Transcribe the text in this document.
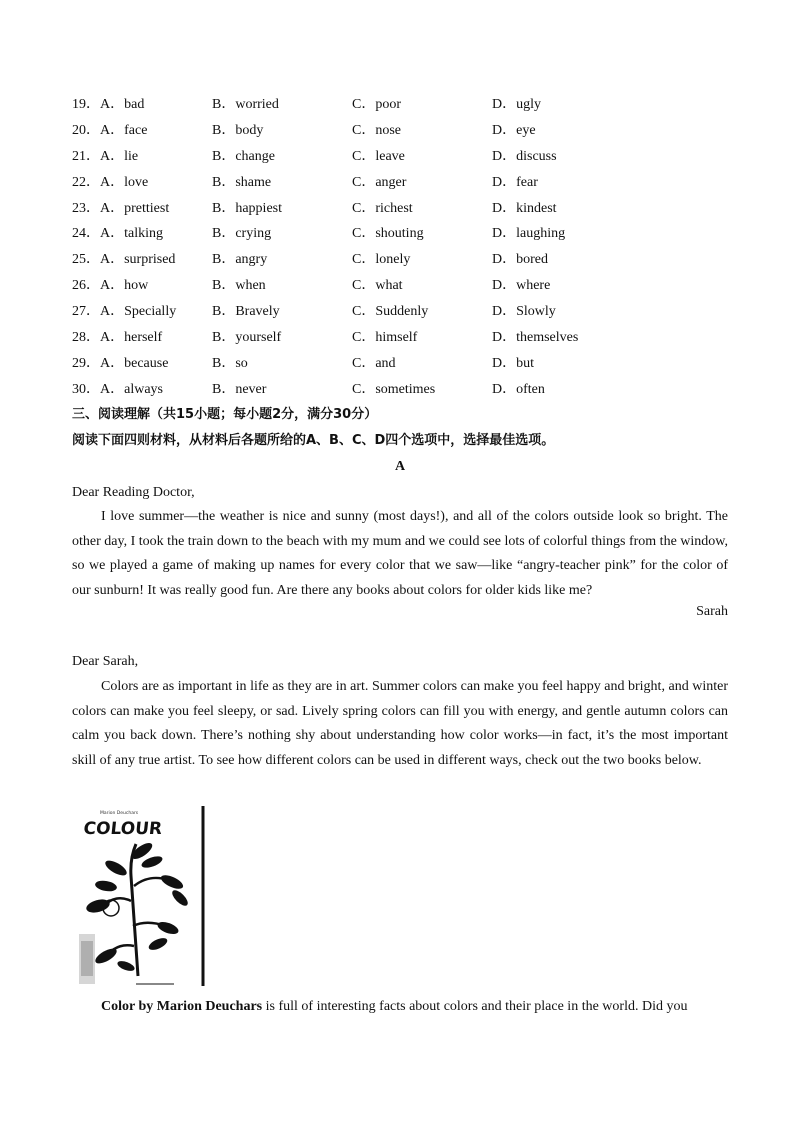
19．A．bad	B．worried	C．poor	D．ugly
20．A．face	B．body	C．nose	D．eye
21．A．lie	B．change	C．leave	D．discuss
22．A．love	B．shame	C．anger	D．fear
23．A．prettiest	B．happiest	C．richest	D．kindest
24．A．talking	B．crying	C．shouting	D．laughing
25．A．surprised	B．angry	C．lonely	D．bored
26．A．how	B．when	C．what	D．where
27．A．Specially	B．Bravely	C．Suddenly	D．Slowly
28．A．herself	B．yourself	C．himself	D．themselves
29．A．because	B．so	C．and	D．but
30．A．always	B．never	C．sometimes	D．often
三、阅读理解（共15小题；每小题2分，满分30分）
阅读下面四则材料，从材料后各题所给的A、B、C、D四个选项中，选择最佳选项。
A
Dear Reading Doctor,
I love summer—the weather is nice and sunny (most days!), and all of the colors outside look so bright. The other day, I took the train down to the beach with my mum and we could see lots of colorful things from the window, so we played a game of making up names for every color that we saw—like “angry-teacher pink” for the color of our sunburn! It was really good fun. Are there any books about colors for older kids like me?
Sarah
Dear Sarah,
Colors are as important in life as they are in art. Summer colors can make you feel happy and bright, and winter colors can make you feel sleepy, or sad. Lively spring colors can fill you with energy, and gentle autumn colors can calm you back down. There’s nothing shy about understanding how color works—in fact, it’s the most important skill of any true artist. To see how different colors can be used in different ways, check out the two books below.
Marion Deuchars
COLOUR
Color by Marion Deuchars is full of interesting facts about colors and their place in the world. Did you
